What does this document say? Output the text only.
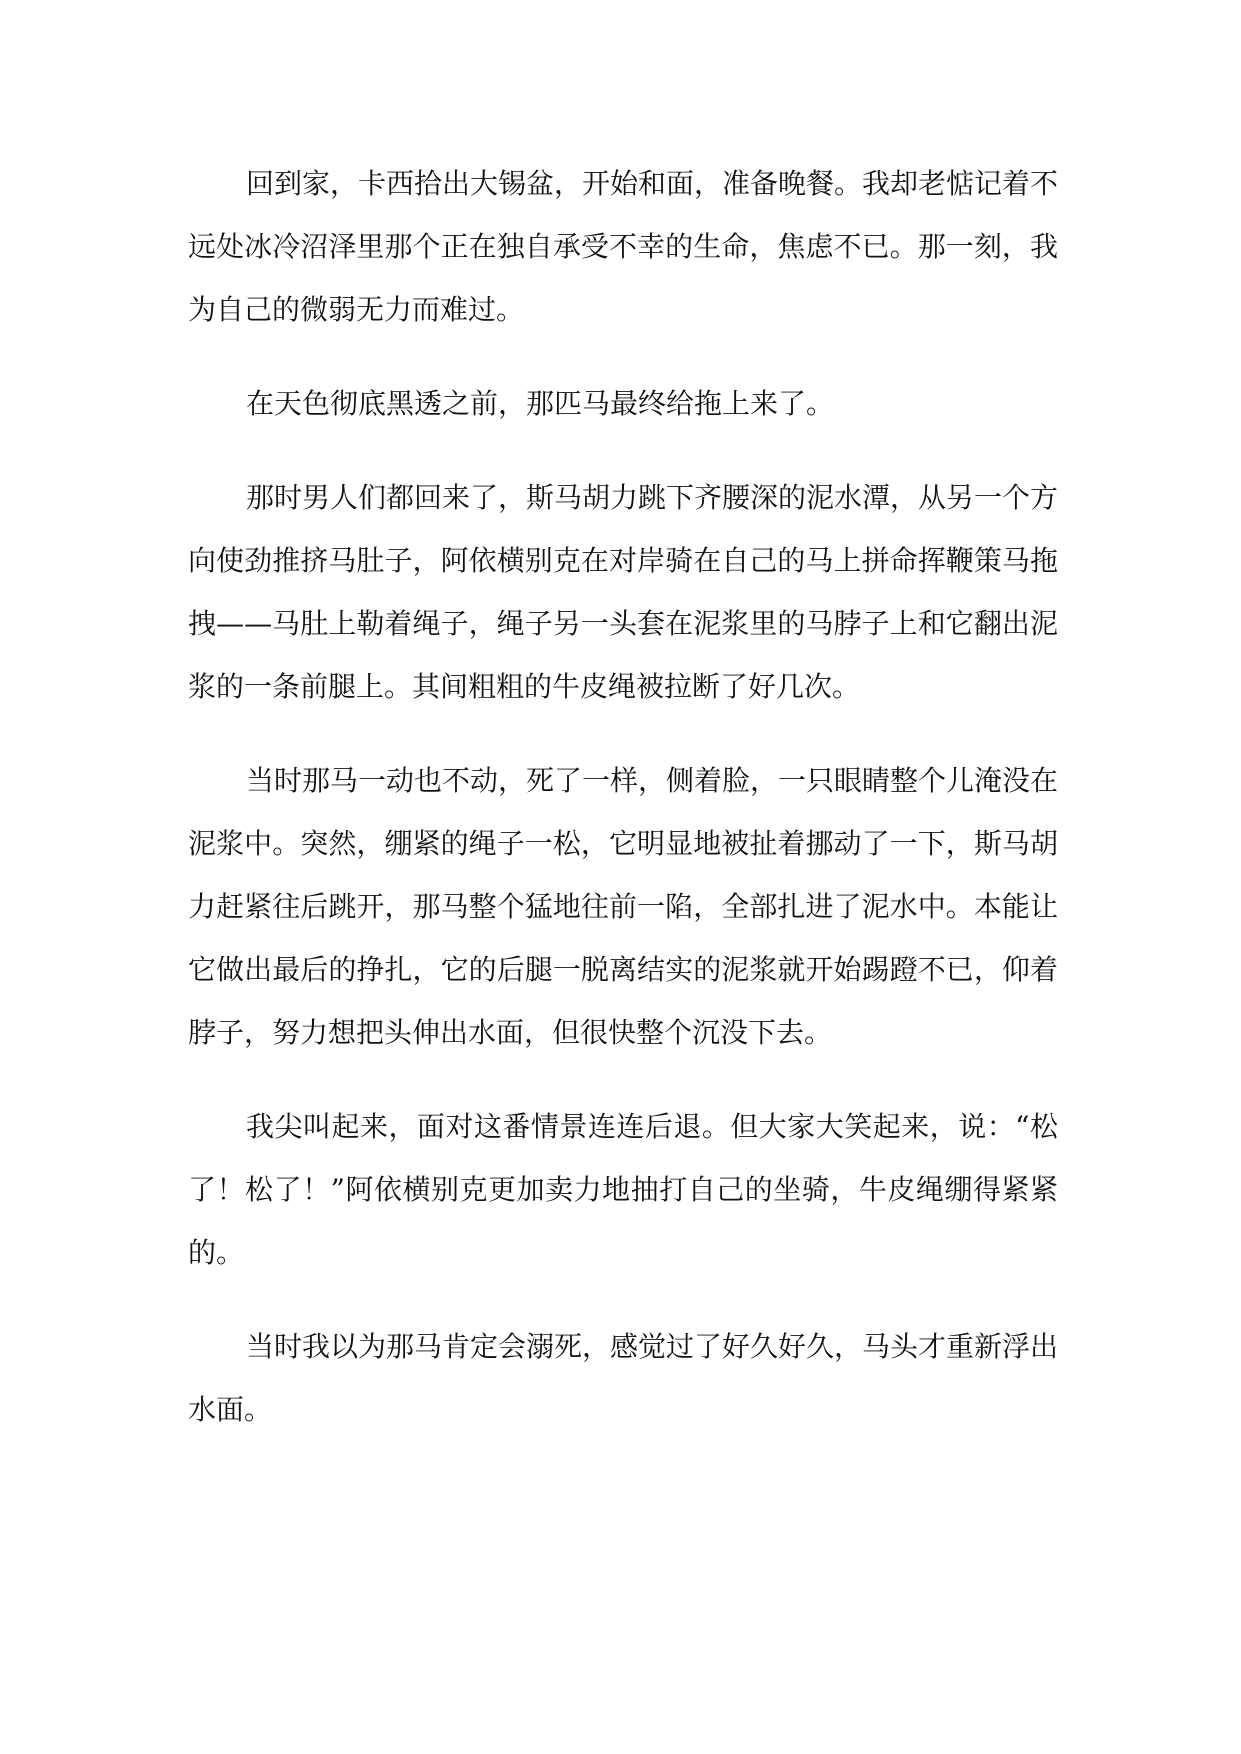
回到家，卡西拾出大锡盆，开始和面，准备晚餐。我却老惦记着不远处冰冷沼泽里那个正在独自承受不幸的生命，焦虑不已。那一刻，我为自己的微弱无力而难过。

在天色彻底黑透之前，那匹马最终给拖上来了。

那时男人们都回来了，斯马胡力跳下齐腰深的泥水潭，从另一个方向使劲推挤马肚子，阿依横别克在对岸骑在自己的马上拼命挥鞭策马拖拽——马肚上勒着绳子，绳子另一头套在泥浆里的马脖子上和它翻出泥浆的一条前腿上。其间粗粗的牛皮绳被拉断了好几次。

当时那马一动也不动，死了一样，侧着脸，一只眼睛整个儿淹没在泥浆中。突然，绷紧的绳子一松，它明显地被扯着挪动了一下，斯马胡力赶紧往后跳开，那马整个猛地往前一陷，全部扎进了泥水中。本能让它做出最后的挣扎，它的后腿一脱离结实的泥浆就开始踢蹬不已，仰着脖子，努力想把头伸出水面，但很快整个沉没下去。

我尖叫起来，面对这番情景连连后退。但大家大笑起来，说：“松了！松了！”阿依横别克更加卖力地抽打自己的坐骑，牛皮绳绷得紧紧的。

当时我以为那马肯定会溺死，感觉过了好久好久，马头才重新浮出水面。
